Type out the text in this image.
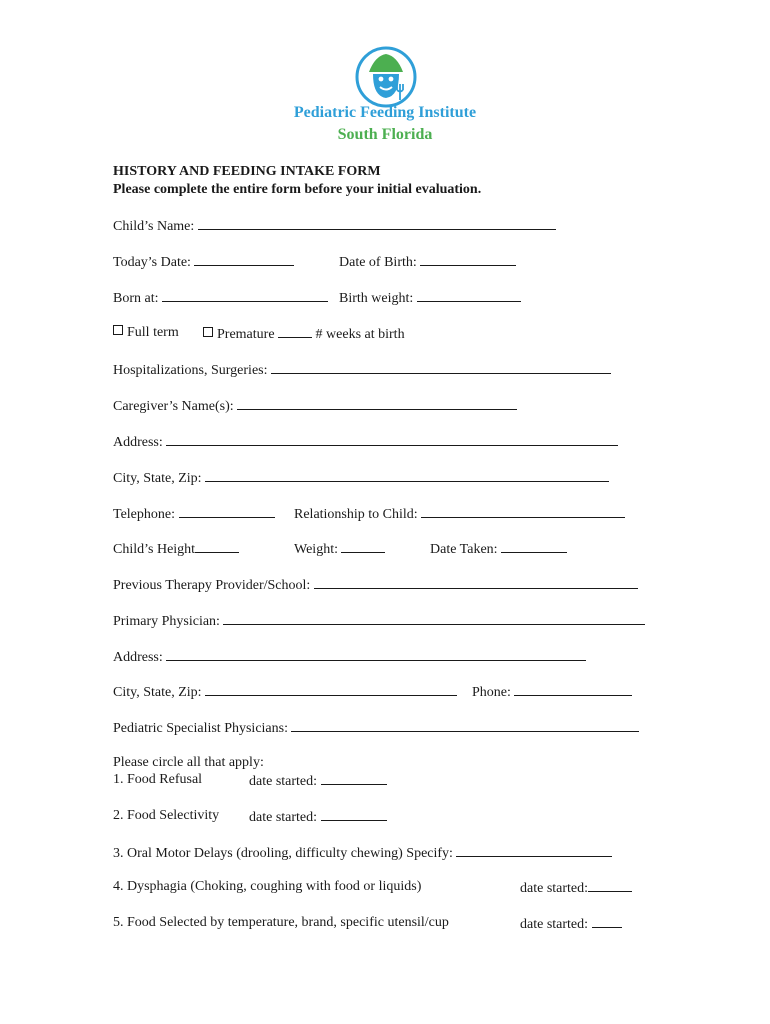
Pediatric Feeding Institute
South Florida
HISTORY AND FEEDING INTAKE FORM
Please complete the entire form before your initial evaluation.
Child’s Name:
Today’s Date:	Date of Birth:
Born at:	Birth weight:
Full term	Premature	# weeks at birth
Hospitalizations, Surgeries:
Caregiver’s Name(s):
Address:
City, State, Zip:
Telephone:	Relationship to Child:
Child’s Height	Weight:	Date Taken:
Previous Therapy Provider/School:
Primary Physician:
Address:
City, State, Zip:	Phone:
Pediatric Specialist Physicians:
Please circle all that apply:
1. Food Refusal	date started:
2. Food Selectivity date started:
3. Oral Motor Delays (drooling, difficulty chewing) Specify:
4. Dysphagia (Choking, coughing with food or liquids)	date started:
5. Food Selected by temperature, brand, specific utensil/cup	date started:
